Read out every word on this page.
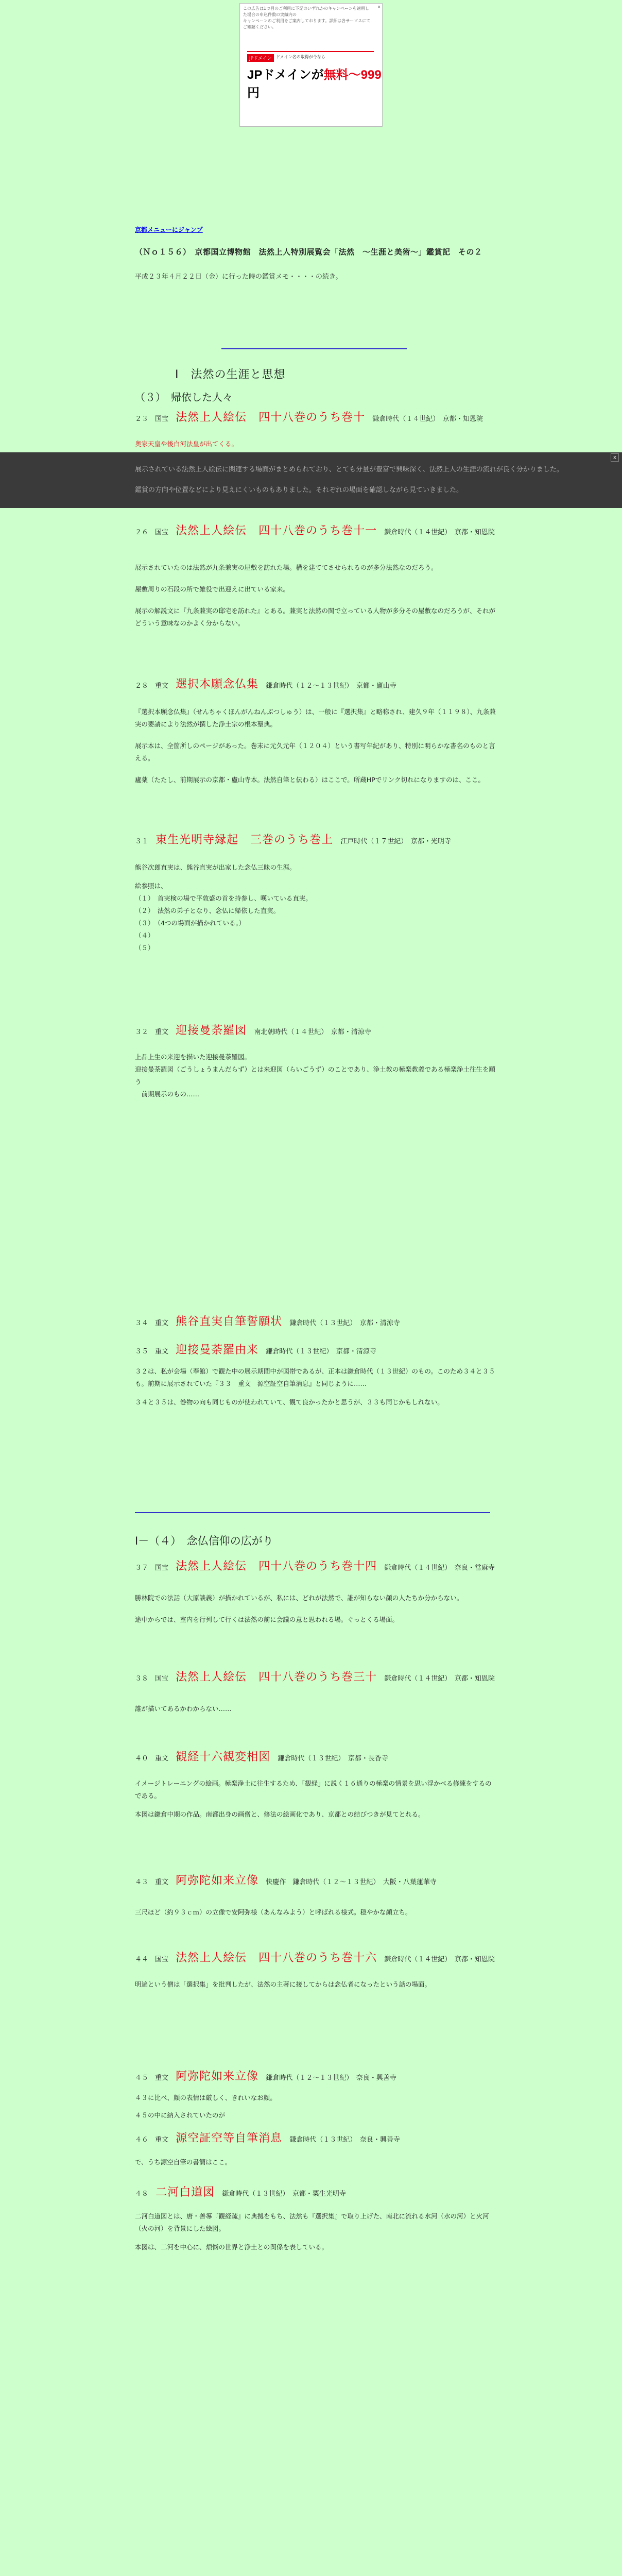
x
この広告は1つ目のご利用に下記のいずれかのキャンペーンを適用した場合の申込件数の実績内の
キャンペーンのご利用をご案内しております。詳細は各サービスにて
ご確認ください。
JPドメイン	ドメイン名の取得が今なら
JPドメインが無料～999円
京都メニューにジャンプ
（Ｎｏ１５６）　京都国立博物館　法然上人特別展覧会「法然　～生涯と美術～」鑑賞記　その２
平成２３年４月２２日（金）に行った時の鑑賞メモ・・・・の続き。
Ⅰ　法然の生涯と思想
（３）　帰依した人々
２３　国宝 法然上人絵伝　四十八巻のうち巻十 鎌倉時代（１４世紀）　京都・知恩院
奥家天皇や後白河法皇が出てくる。
x
展示されている法然上人絵伝に関連する場面がまとめられており、とても分量が豊富で興味深く、法然上人の生涯の流れが良く分かりました。
鑑賞の方向や位置などにより見えにくいものもありました。それぞれの場面を確認しながら見ていきました。
２６　国宝 法然上人絵伝　四十八巻のうち巻十一 鎌倉時代（１４世紀）　京都・知恩院
展示されていたのは法然が九条兼実の屋敷を訪れた場。構を建ててさせられるのが多分法然なのだろう。
屋敷周りの石段の所で雑役で出迎えに出ている家来。
展示の解説文に『九条兼実の邸宅を訪れた』とある。兼実と法然の関で立っている人物が多分その屋敷なのだろうが、それがどういう意味なのかよく分からない。
２８　重文 選択本願念仏集 鎌倉時代（１２～１３世紀）　京都・廬山寺
『選択本願念仏集』（せんちゃくほんがんねんぶつしゅう）は、一般に『選択集』と略称され、建久９年（１１９８）、九条兼実の要請により法然が撰した浄土宗の根本聖典。
展示本は、全箇所しのページがあった。巻末に元久元年（１２０４）という書写年紀があり、特別に明らかな書名のものと言える。
廬薬（たたし、前期展示の京都・盧山寺本。法然自筆と伝わる）はここで。所蔵HPでリンク切れになりますのは、ここ。
３１ 東生光明寺縁起　三巻のうち巻上 江戸時代（１７世紀）　京都・光明寺
熊谷次郎直実は、熊谷直実が出家した念仏三昧の生涯。
絵参照は、
（１）　首実検の場で平敦盛の首を持参し、嘆いている直実。
（２）　法然の弟子となり、念仏に帰依した直実。
（３）　（4つの場面が描かれている。）
（４）　　　
（５）　
３２　重文 迎接曼荼羅図 南北朝時代（１４世紀）　京都・清涼寺
上品上生の来迎を描いた迎接曼荼羅図。
迎接曼荼羅図（ごうしょうまんだらず）とは来迎図（らいごうず）のことであり、浄土教の極楽教義である極楽浄土往生を願う
　前期展示のもの……
３４　重文 熊谷直実自筆誓願状 鎌倉時代（１３世紀）　京都・清涼寺
３５　重文 迎接曼荼羅由来 鎌倉時代（１３世紀）　京都・清涼寺
３２は、私が会場（奉館）で観た中の展示期間中が図帯であるが、正本は鎌倉時代（１３世紀）のもの。このため３４と３５も。前期に展示されていた『３３　重文　源空証空自筆消息』と同じように……
３４と３５は、巻物の向も同じものが使われていて、観て良かったかと思うが、３３も同じかもしれない。
Ⅰ－（４）　念仏信仰の広がり
３７　国宝 法然上人絵伝　四十八巻のうち巻十四 鎌倉時代（１４世紀）　奈良・當麻寺
勝林院での法話（大原談義）が描かれているが、私には、どれが法然で、誰が知らない顔の人たちか分からない。
途中からでは、室内を行列して行くは法然の前に会議の意と思われる場。ぐっとくる場面。
３８　国宝 法然上人絵伝　四十八巻のうち巻三十 鎌倉時代（１４世紀）　京都・知恩院
誰が描いてあるかわからない……
４０　重文 観経十六観変相図 鎌倉時代（１３世紀）　京都・長香寺
イメージトレーニングの絵画。極楽浄土に往生するため、「観経」に説く１６通りの極楽の情景を思い浮かべる修練をするのである。
本図は鎌倉中期の作品。南都出身の画僧と、修法の絵画化であり、京都との結びつきが見てとれる。
４３　重文 阿弥陀如来立像 快慶作　鎌倉時代（１２～１３世紀）　大阪・八葉蓮華寺
三尺ほど（約９３ｃｍ）の立像で安阿弥様（あんなみよう）と呼ばれる様式。穏やかな顔立ち。
４４　国宝 法然上人絵伝　四十八巻のうち巻十六 鎌倉時代（１４世紀）　京都・知恩院
明遍という僧は「選択集」を批判したが、法然の主著に接してからは念仏者になったという話の場面。
４５　重文 阿弥陀如来立像 鎌倉時代（１２～１３世紀）　奈良・興善寺
４３に比べ、顔の表情は厳しく、きれいなお顔。
４５の中に納入されていたのが
４６　重文 源空証空等自筆消息 鎌倉時代（１３世紀）　奈良・興善寺
で、うち源空自筆の書簡はここ。
４８ 二河白道図 鎌倉時代（１３世紀）　京都・粟生光明寺
二河白道図とは、唐・善導『観経疏』に典拠をもち、法然も『選択集』で取り上げた、南北に流れる水河（水の河）と火河（火の河）を背景にした絵図。
本図は、二河を中心に、煩悩の世界と浄土との関係を表している。
